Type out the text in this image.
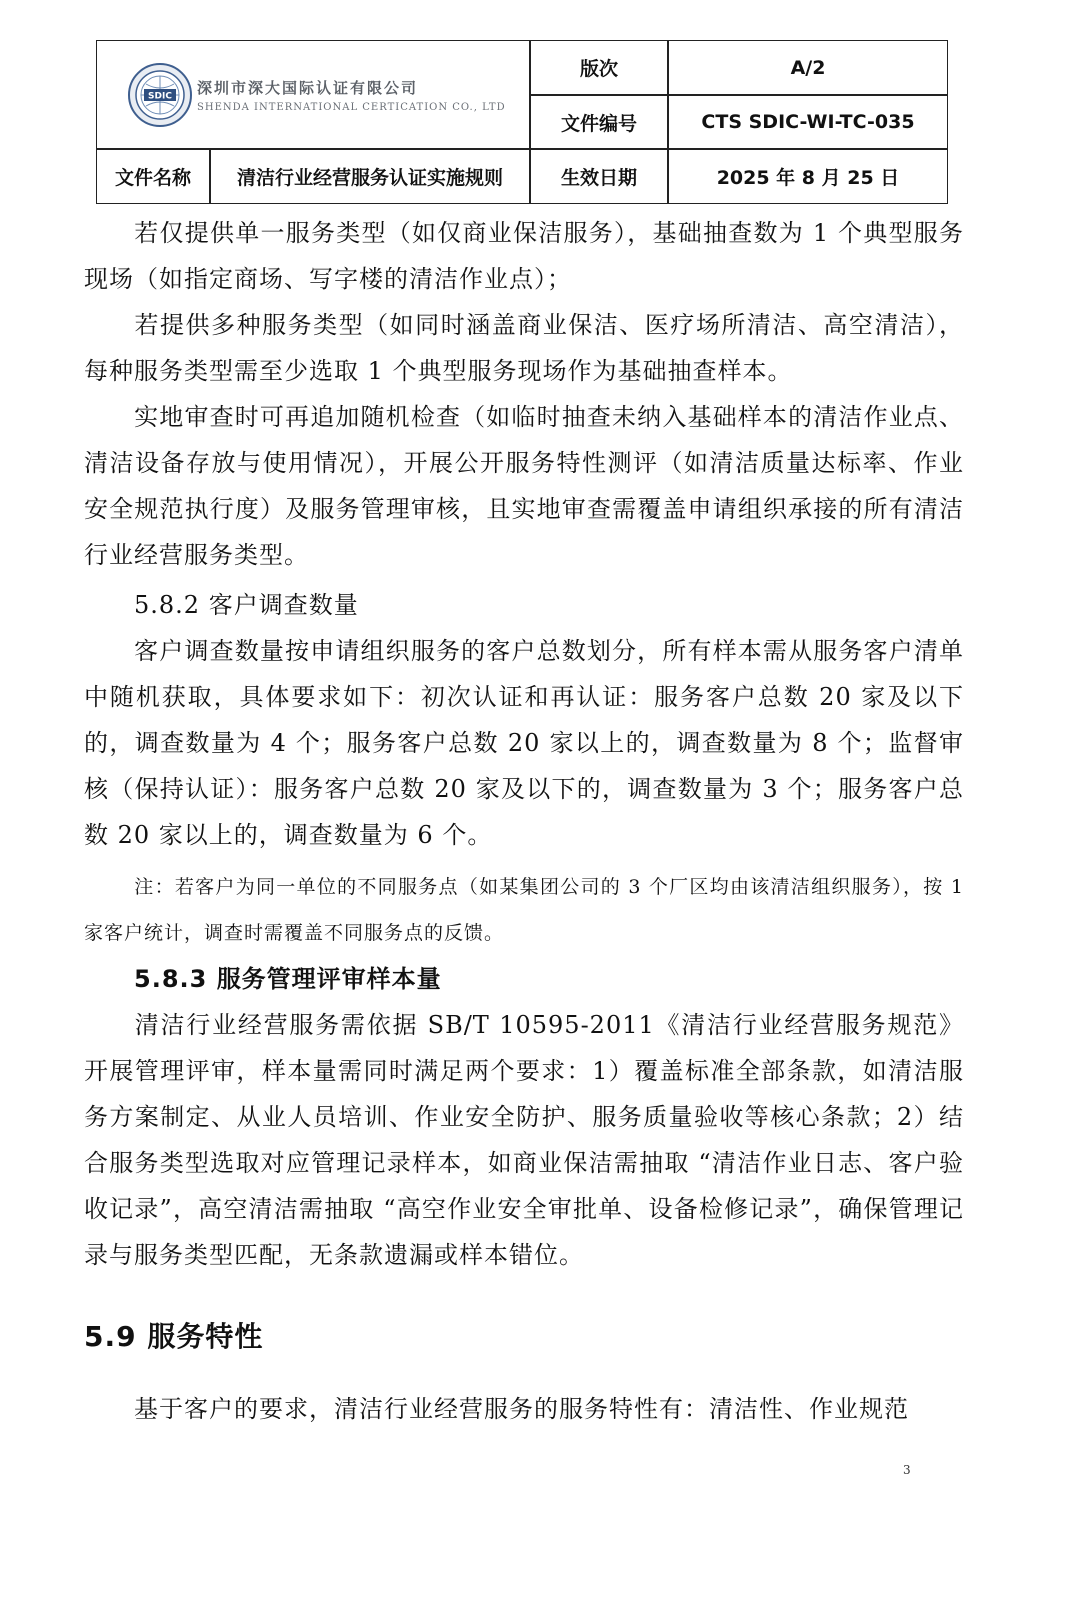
SDIC 深圳市深大国际认证有限公司
SHENDA INTERNATIONAL CERTICATION CO., LTD
版次	A/2
文件编号	CTS SDIC-WI-TC-035
文件名称	清洁行业经营服务认证实施规则	生效日期	2025 年 8 月 25 日

若仅提供单一服务类型（如仅商业保洁服务），基础抽查数为 1 个典型服务现场（如指定商场、写字楼的清洁作业点）；

若提供多种服务类型（如同时涵盖商业保洁、医疗场所清洁、高空清洁），每种服务类型需至少选取 1 个典型服务现场作为基础抽查样本。

实地审查时可再追加随机检查（如临时抽查未纳入基础样本的清洁作业点、清洁设备存放与使用情况），开展公开服务特性测评（如清洁质量达标率、作业安全规范执行度）及服务管理审核，且实地审查需覆盖申请组织承接的所有清洁行业经营服务类型。

5.8.2 客户调查数量

客户调查数量按申请组织服务的客户总数划分，所有样本需从服务客户清单中随机获取，具体要求如下：初次认证和再认证：服务客户总数 20 家及以下的，调查数量为 4 个；服务客户总数 20 家以上的，调查数量为 8 个；监督审核（保持认证）：服务客户总数 20 家及以下的，调查数量为 3 个；服务客户总数 20 家以上的，调查数量为 6 个。

注：若客户为同一单位的不同服务点（如某集团公司的 3 个厂区均由该清洁组织服务），按 1 家客户统计，调查时需覆盖不同服务点的反馈。

5.8.3 服务管理评审样本量

清洁行业经营服务需依据 SB/T 10595-2011《清洁行业经营服务规范》开展管理评审，样本量需同时满足两个要求：1）覆盖标准全部条款，如清洁服务方案制定、从业人员培训、作业安全防护、服务质量验收等核心条款；2）结合服务类型选取对应管理记录样本，如商业保洁需抽取 “清洁作业日志、客户验收记录”，高空清洁需抽取 “高空作业安全审批单、设备检修记录”，确保管理记录与服务类型匹配，无条款遗漏或样本错位。

5.9 服务特性

基于客户的要求，清洁行业经营服务的服务特性有：清洁性、作业规范

3
